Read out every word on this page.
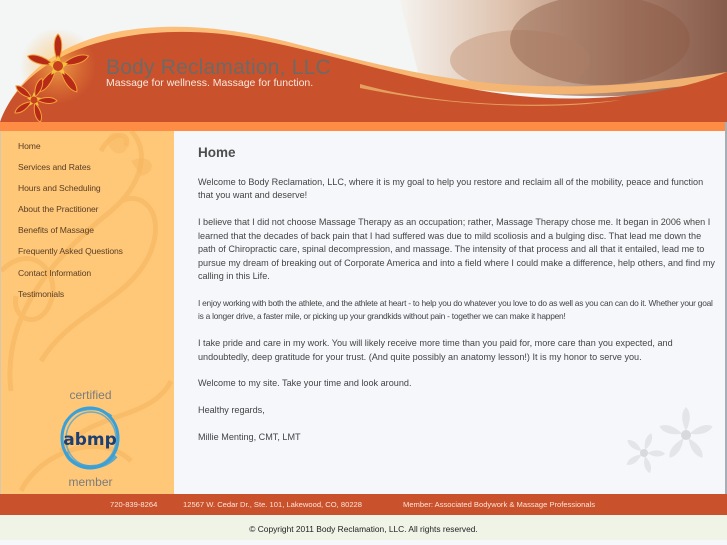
Body Reclamation, LLC
Massage for wellness. Massage for function.
Home
Services and Rates
Hours and Scheduling
About the Practitioner
Benefits of Massage
Frequently Asked Questions
Contact Information
Testimonials
certified
abmp
member
Home

Welcome to Body Reclamation, LLC, where it is my goal to help you restore and reclaim all of the mobility, peace and function that you want and deserve!

I believe that I did not choose Massage Therapy as an occupation; rather, Massage Therapy chose me. It began in 2006 when I learned that the decades of back pain that I had suffered was due to mild scoliosis and a bulging disc. That lead me down the path of Chiropractic care, spinal decompression, and massage. The intensity of that process and all that it entailed, lead me to pursue my dream of breaking out of Corporate America and into a field where I could make a difference, help others, and find my calling in this Life.

I enjoy working with both the athlete, and the athlete at heart - to help you do whatever you love to do as well as you can can do it. Whether your goal is a longer drive, a faster mile, or picking up your grandkids without pain - together we can make it happen!

I take pride and care in my work. You will likely receive more time than you paid for, more care than you expected, and undoubtedly, deep gratitude for your trust. (And quite possibly an anatomy lesson!) It is my honor to serve you.

Welcome to my site. Take your time and look around.

Healthy regards,

Millie Menting, CMT, LMT

720-839-8264	12567 W. Cedar Dr., Ste. 101, Lakewood, CO, 80228	Member: Associated Bodywork & Massage Professionals
© Copyright 2011 Body Reclamation, LLC. All rights reserved.
